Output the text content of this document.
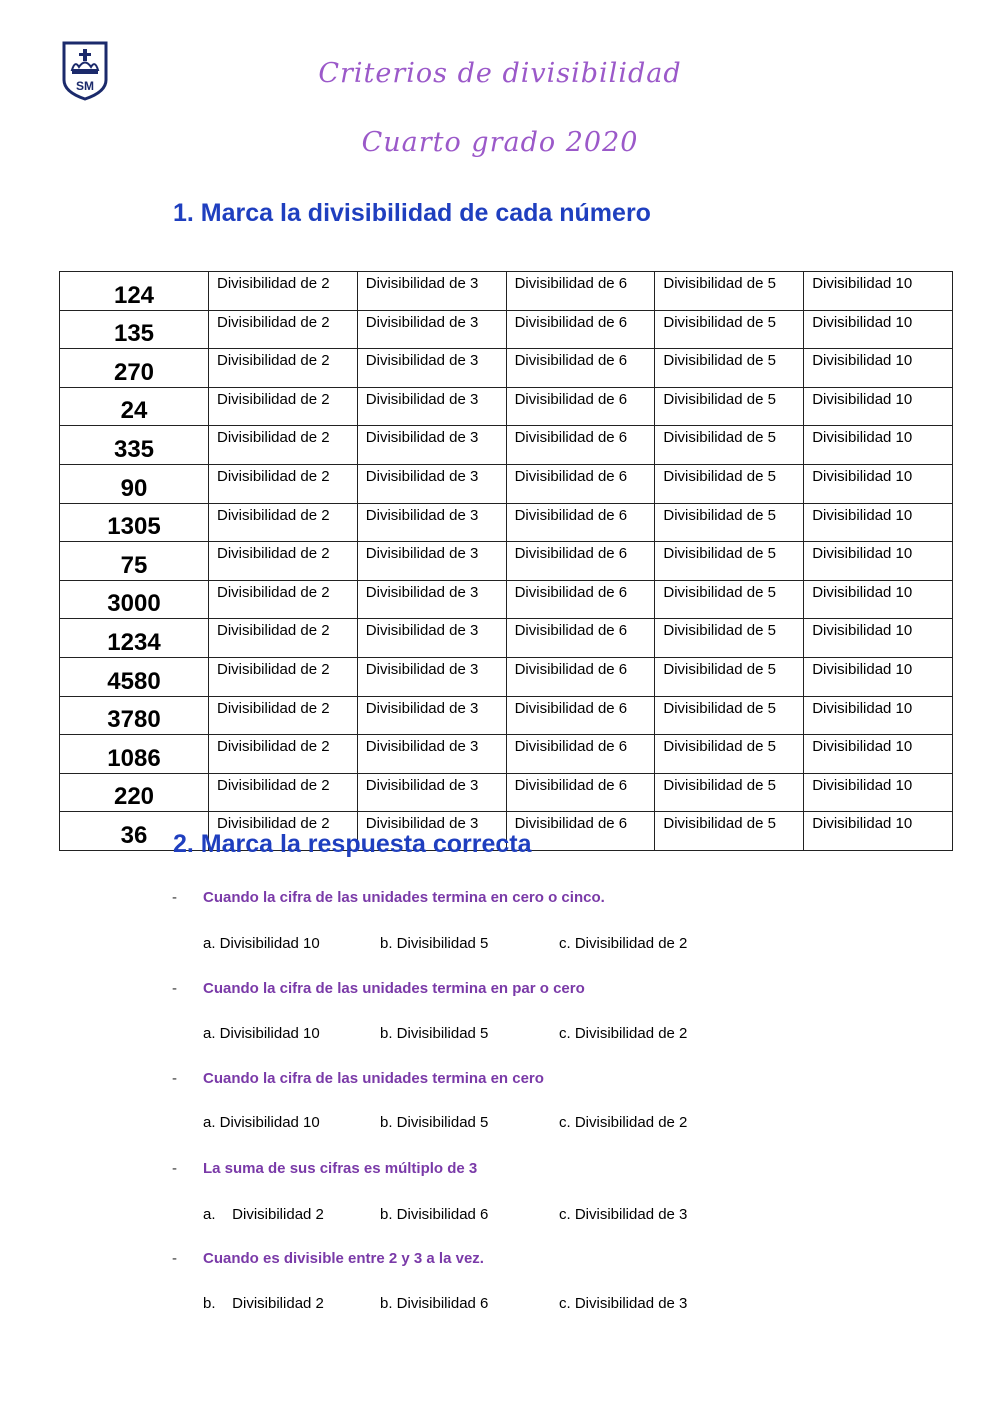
SM	Criterios de divisibilidad
Cuarto grado 2020
1. Marca la divisibilidad de cada número
124	Divisibilidad de 2	Divisibilidad de 3	Divisibilidad de 6	Divisibilidad de 5	Divisibilidad 10
135	Divisibilidad de 2	Divisibilidad de 3	Divisibilidad de 6	Divisibilidad de 5	Divisibilidad 10
270	Divisibilidad de 2	Divisibilidad de 3	Divisibilidad de 6	Divisibilidad de 5	Divisibilidad 10
24	Divisibilidad de 2	Divisibilidad de 3	Divisibilidad de 6	Divisibilidad de 5	Divisibilidad 10
335	Divisibilidad de 2	Divisibilidad de 3	Divisibilidad de 6	Divisibilidad de 5	Divisibilidad 10
90	Divisibilidad de 2	Divisibilidad de 3	Divisibilidad de 6	Divisibilidad de 5	Divisibilidad 10
1305	Divisibilidad de 2	Divisibilidad de 3	Divisibilidad de 6	Divisibilidad de 5	Divisibilidad 10
75	Divisibilidad de 2	Divisibilidad de 3	Divisibilidad de 6	Divisibilidad de 5	Divisibilidad 10
3000	Divisibilidad de 2	Divisibilidad de 3	Divisibilidad de 6	Divisibilidad de 5	Divisibilidad 10
1234	Divisibilidad de 2	Divisibilidad de 3	Divisibilidad de 6	Divisibilidad de 5	Divisibilidad 10
4580	Divisibilidad de 2	Divisibilidad de 3	Divisibilidad de 6	Divisibilidad de 5	Divisibilidad 10
3780	Divisibilidad de 2	Divisibilidad de 3	Divisibilidad de 6	Divisibilidad de 5	Divisibilidad 10
1086	Divisibilidad de 2	Divisibilidad de 3	Divisibilidad de 6	Divisibilidad de 5	Divisibilidad 10
220	Divisibilidad de 2	Divisibilidad de 3	Divisibilidad de 6	Divisibilidad de 5	Divisibilidad 10
36	Divisibilidad de 2	Divisibilidad de 3	Divisibilidad de 6	Divisibilidad de 5	Divisibilidad 10
2. Marca la respuesta correcta
- Cuando la cifra de las unidades termina en cero o cinco.
a. Divisibilidad 10	b. Divisibilidad 5	c. Divisibilidad de 2
- Cuando la cifra de las unidades termina en par o cero
a. Divisibilidad 10	b. Divisibilidad 5	c. Divisibilidad de 2
- Cuando la cifra de las unidades termina en cero
a. Divisibilidad 10	b. Divisibilidad 5	c. Divisibilidad de 2
- La suma de sus cifras es múltiplo de 3
a.    Divisibilidad 2	b. Divisibilidad 6	c. Divisibilidad de 3
- Cuando es divisible entre 2 y 3 a la vez.
b.    Divisibilidad 2	b. Divisibilidad 6	c. Divisibilidad de 3
